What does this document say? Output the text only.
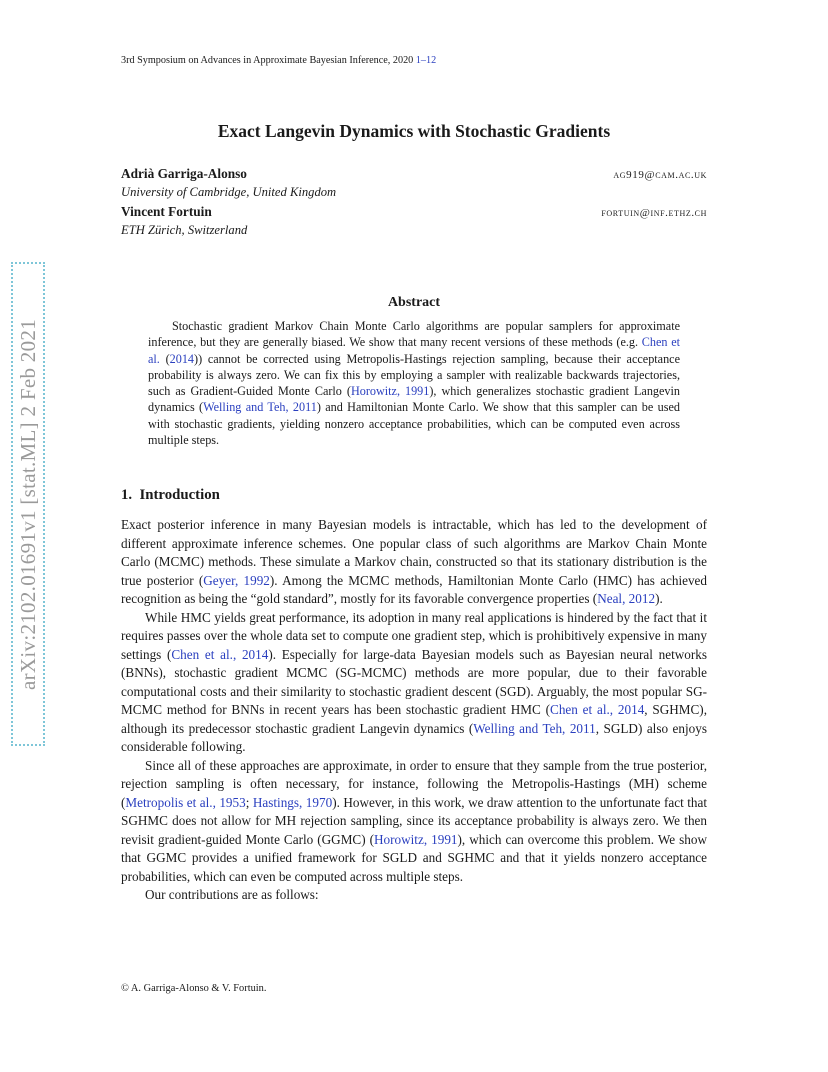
3rd Symposium on Advances in Approximate Bayesian Inference, 2020 1–12
Exact Langevin Dynamics with Stochastic Gradients
Adrià Garriga-Alonso	ag919@cam.ac.uk
University of Cambridge, United Kingdom
Vincent Fortuin	fortuin@inf.ethz.ch
ETH Zürich, Switzerland
arXiv:2102.01691v1 [stat.ML] 2 Feb 2021
Abstract
Stochastic gradient Markov Chain Monte Carlo algorithms are popular samplers for approximate inference, but they are generally biased. We show that many recent versions of these methods (e.g. Chen et al. (2014)) cannot be corrected using Metropolis-Hastings rejection sampling, because their acceptance probability is always zero. We can fix this by employing a sampler with realizable backwards trajectories, such as Gradient-Guided Monte Carlo (Horowitz, 1991), which generalizes stochastic gradient Langevin dynamics (Welling and Teh, 2011) and Hamiltonian Monte Carlo. We show that this sampler can be used with stochastic gradients, yielding nonzero acceptance probabilities, which can be computed even across multiple steps.
1. Introduction

Exact posterior inference in many Bayesian models is intractable, which has led to the development of different approximate inference schemes. One popular class of such algorithms are Markov Chain Monte Carlo (MCMC) methods. These simulate a Markov chain, constructed so that its stationary distribution is the true posterior (Geyer, 1992). Among the MCMC methods, Hamiltonian Monte Carlo (HMC) has achieved recognition as being the “gold standard”, mostly for its favorable convergence properties (Neal, 2012).

While HMC yields great performance, its adoption in many real applications is hindered by the fact that it requires passes over the whole data set to compute one gradient step, which is prohibitively expensive in many settings (Chen et al., 2014). Especially for large-data Bayesian models such as Bayesian neural networks (BNNs), stochastic gradient MCMC (SG-MCMC) methods are more popular, due to their favorable computational costs and their similarity to stochastic gradient descent (SGD). Arguably, the most popular SG-MCMC method for BNNs in recent years has been stochastic gradient HMC (Chen et al., 2014, SGHMC), although its predecessor stochastic gradient Langevin dynamics (Welling and Teh, 2011, SGLD) also enjoys considerable following.

Since all of these approaches are approximate, in order to ensure that they sample from the true posterior, rejection sampling is often necessary, for instance, following the Metropolis-Hastings (MH) scheme (Metropolis et al., 1953; Hastings, 1970). However, in this work, we draw attention to the unfortunate fact that SGHMC does not allow for MH rejection sampling, since its acceptance probability is always zero. We then revisit gradient-guided Monte Carlo (GGMC) (Horowitz, 1991), which can overcome this problem. We show that GGMC provides a unified framework for SGLD and SGHMC and that it yields nonzero acceptance probabilities, which can even be computed across multiple steps.

Our contributions are as follows:

© A. Garriga-Alonso & V. Fortuin.
